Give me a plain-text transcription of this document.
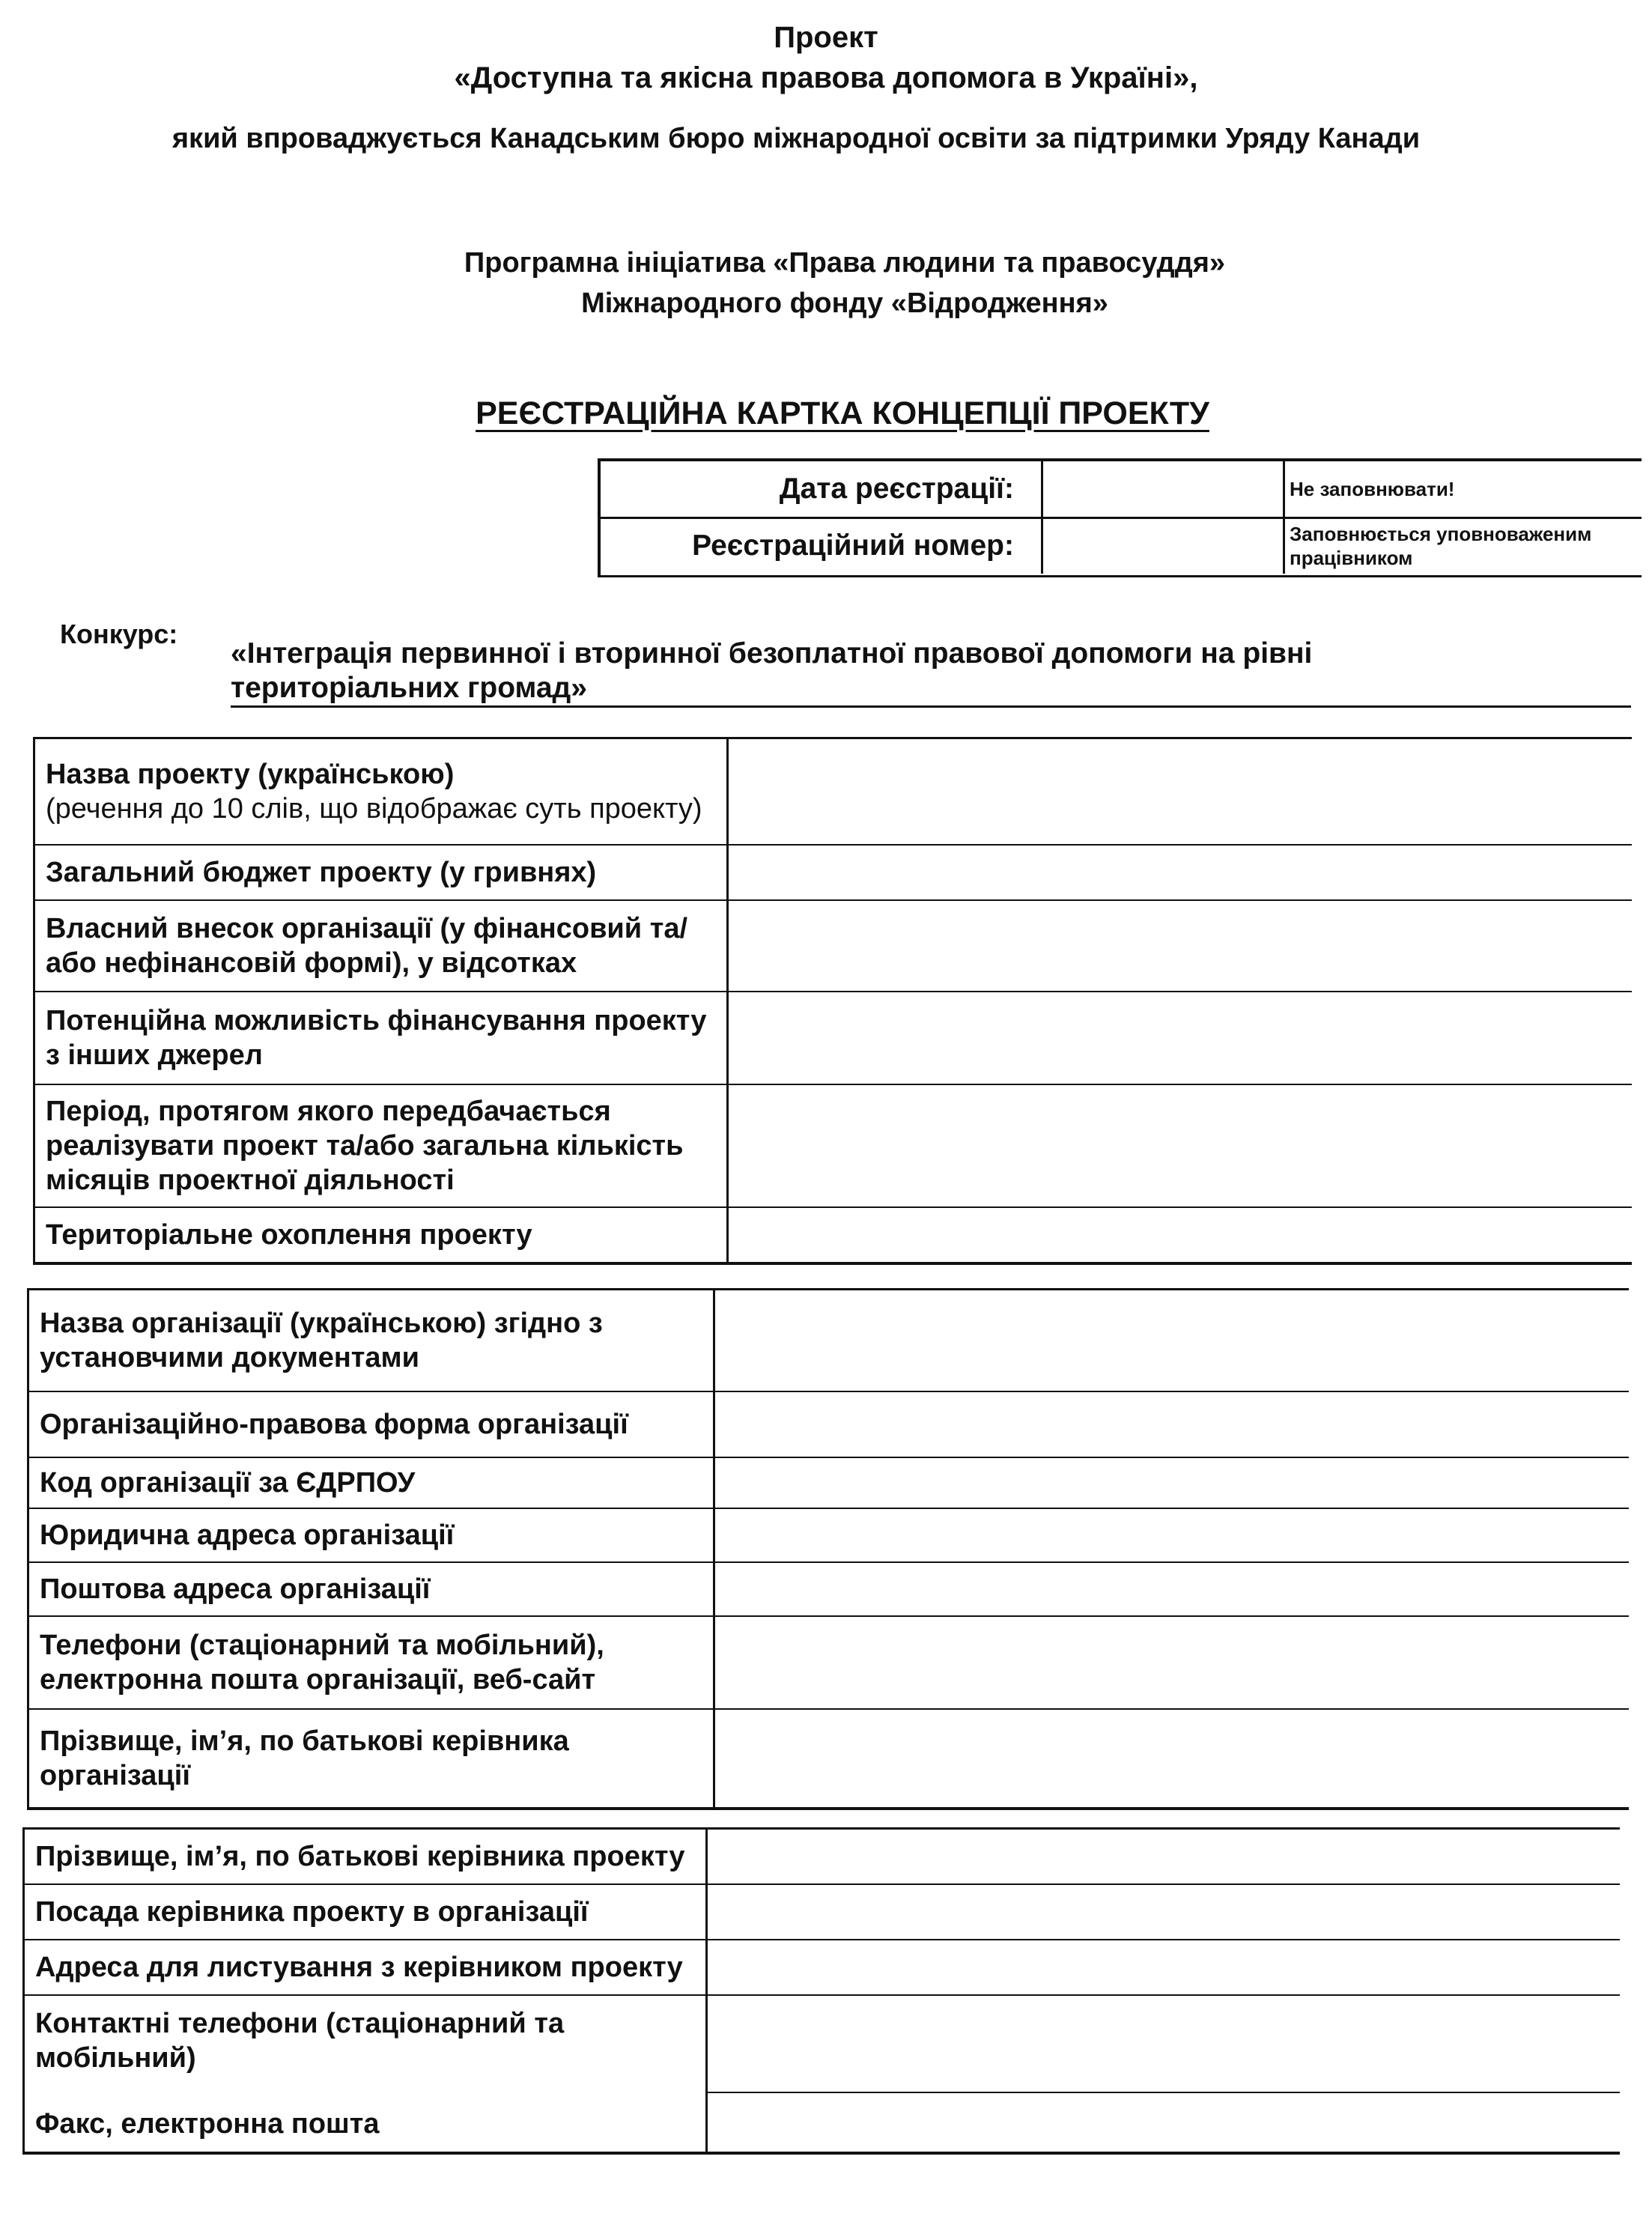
Проект
«Доступна та якісна правова допомога в Україні»,
який впроваджується Канадським бюро міжнародної освіти за підтримки Уряду Канади
Програмна ініціатива «Права людини та правосуддя»
Міжнародного фонду «Відродження»
РЕЄСТРАЦІЙНА КАРТКА КОНЦЕПЦІЇ ПРОЕКТУ
Дата реєстрації:	Не заповнювати!
Реєстраційний номер:	Заповнюється уповноваженим працівником
Конкурс:
«Інтеграція первинної і вторинної безоплатної правової допомоги на рівні територіальних громад»
Назва проекту (українською)
(речення до 10 слів, що відображає суть проекту)
Загальний бюджет проекту (у гривнях)
Власний внесок організації (у фінансовий та/або нефінансовій формі), у відсотках
Потенційна можливість фінансування проекту з інших джерел
Період, протягом якого передбачається реалізувати проект та/або загальна кількість місяців проектної діяльності
Територіальне охоплення проекту
Назва організації (українською) згідно з установчими документами
Організаційно-правова форма організації
Код організації за ЄДРПОУ
Юридична адреса організації
Поштова адреса організації
Телефони (стаціонарний та мобільний), електронна пошта організації, веб-сайт
Прізвище, ім’я, по батькові керівника організації
Прізвище, ім’я, по батькові керівника проекту
Посада керівника проекту в організації
Адреса для листування з керівником проекту
Контактні телефони (стаціонарний та мобільний)
Факс, електронна пошта
